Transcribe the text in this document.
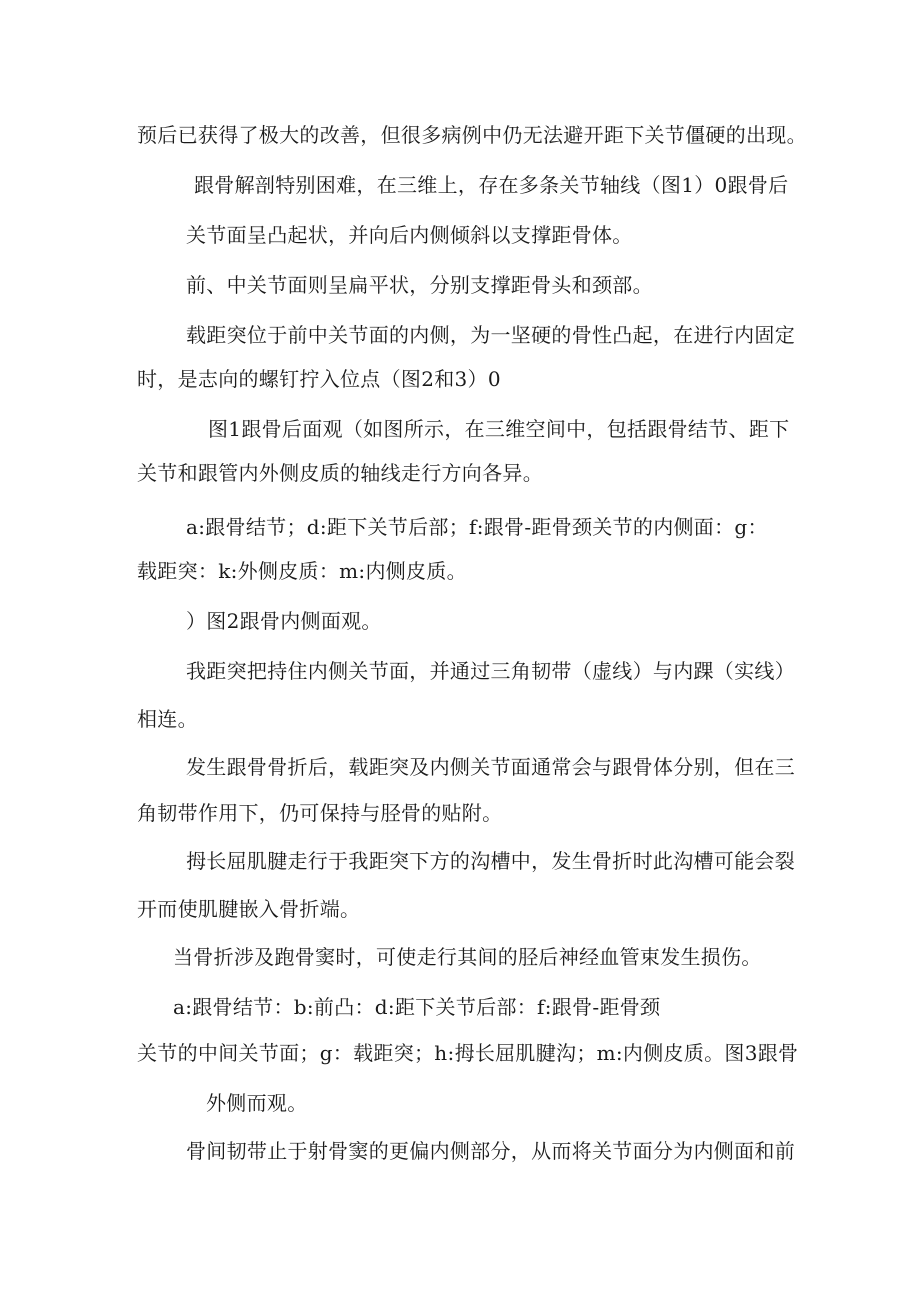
预后已获得了极大的改善，但很多病例中仍无法避开距下关节僵硬的出现。
跟骨解剖特别困难，在三维上，存在多条关节轴线（图1）0跟骨后
关节面呈凸起状，并向后内侧倾斜以支撑距骨体。
前、中关节面则呈扁平状，分别支撑距骨头和颈部。
载距突位于前中关节面的内侧，为一坚硬的骨性凸起，在进行内固定
时，是志向的螺钉拧入位点（图2和3）0
图1跟骨后面观（如图所示，在三维空间中，包括跟骨结节、距下
关节和跟管内外侧皮质的轴线走行方向各异。
a:跟骨结节；d:距下关节后部；f:跟骨-距骨颈关节的内侧面：g：
载距突：k:外侧皮质：m:内侧皮质。
）图2跟骨内侧面观。
我距突把持住内侧关节面，并通过三角韧带（虚线）与内踝（实线）
相连。
发生跟骨骨折后，载距突及内侧关节面通常会与跟骨体分别，但在三
角韧带作用下，仍可保持与胫骨的贴附。
拇长屈肌腱走行于我距突下方的沟槽中，发生骨折时此沟槽可能会裂
开而使肌腱嵌入骨折端。
当骨折涉及跑骨窦时，可使走行其间的胫后神经血管束发生损伤。
a:跟骨结节：b:前凸：d:距下关节后部：f:跟骨-距骨颈
关节的中间关节面；g：载距突；h:拇长屈肌腱沟；m:内侧皮质。图3跟骨
外侧而观。
骨间韧带止于射骨窦的更偏内侧部分，从而将关节面分为内侧面和前
